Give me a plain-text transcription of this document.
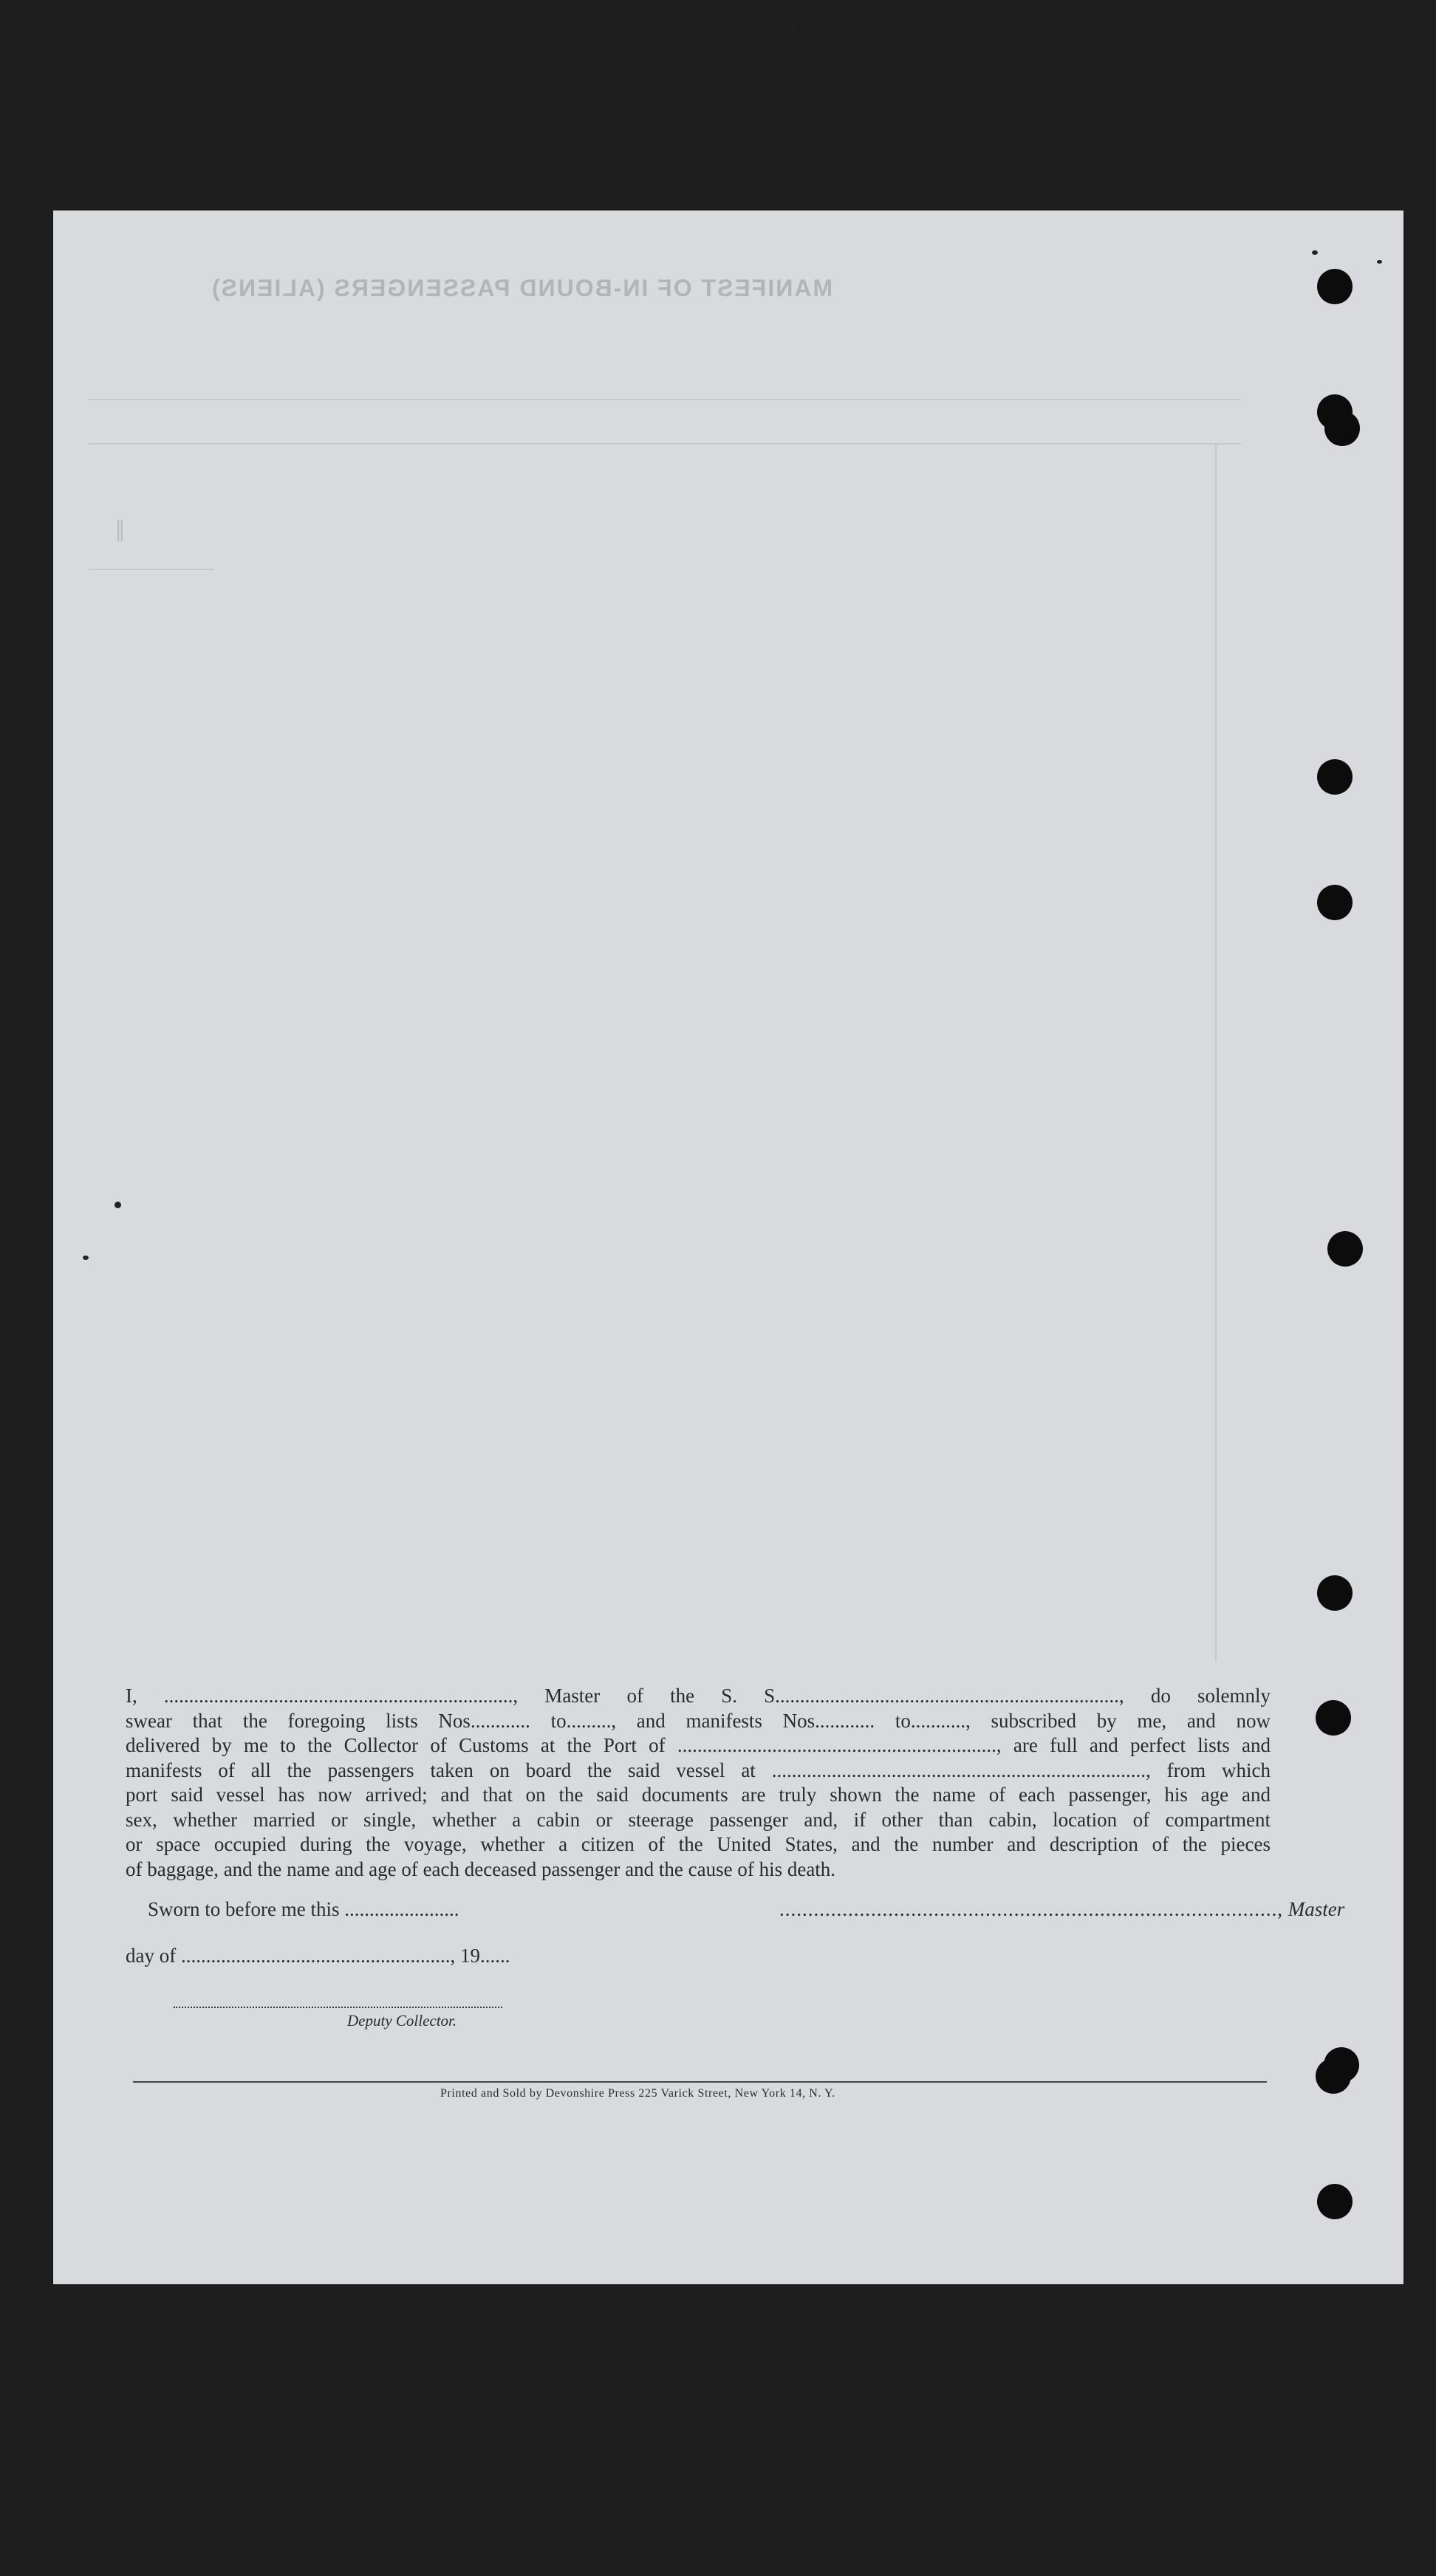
MANIFEST OF IN-BOUND PASSENGERS (ALIENS)
∥
I, ......................................................................, Master of the S. S....................................................................., do solemnly
swear that the foregoing lists Nos............ to........., and manifests Nos............ to..........., subscribed by me, and now
delivered by me to the Collector of Customs at the Port of ................................................................, are full and perfect lists and
manifests of all the passengers taken on board the said vessel at ..........................................................................., from which
port said vessel has now arrived; and that on the said documents are truly shown the name of each passenger, his age and
sex, whether married or single, whether a cabin or steerage passenger and, if other than cabin, location of compartment
or space occupied during the voyage, whether a citizen of the United States, and the number and description of the pieces
of baggage, and the name and age of each deceased passenger and the cause of his death.
Sworn to before me this .......................	......................................................................................., Master
day of ......................................................, 19......
Deputy Collector.
Printed and Sold by Devonshire Press 225 Varick Street, New York 14, N. Y.
